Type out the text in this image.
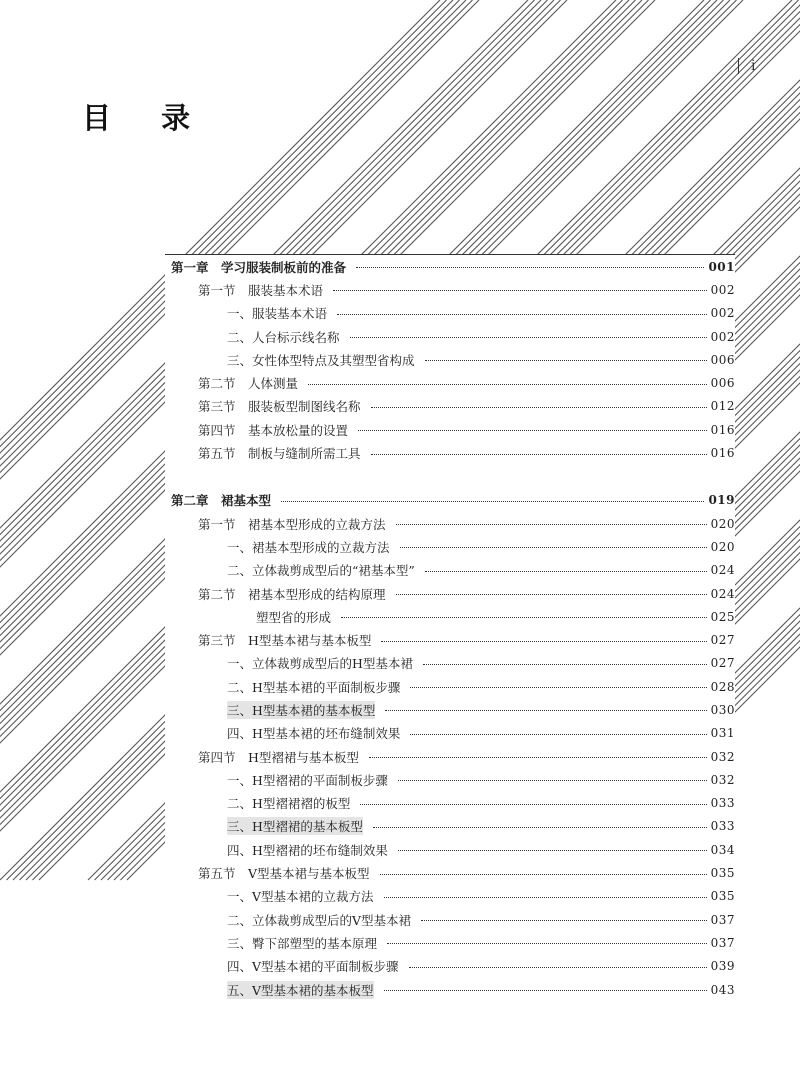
目 录
i
第一章　学习服装制板前的准备	001
第一节　服装基本术语	002
一、服装基本术语	002
二、人台标示线名称	002
三、女性体型特点及其塑型省构成	006
第二节　人体测量	006
第三节　服装板型制图线名称	012
第四节　基本放松量的设置	016
第五节　制板与缝制所需工具	016
第二章　裙基本型	019
第一节　裙基本型形成的立裁方法	020
一、裙基本型形成的立裁方法	020
二、立体裁剪成型后的“裙基本型”	024
第二节　裙基本型形成的结构原理	024
塑型省的形成	025
第三节　H型基本裙与基本板型	027
一、立体裁剪成型后的H型基本裙	027
二、H型基本裙的平面制板步骤	028
三、H型基本裙的基本板型	030
四、H型基本裙的坯布缝制效果	031
第四节　H型褶裙与基本板型	032
一、H型褶裙的平面制板步骤	032
二、H型褶裙褶的板型	033
三、H型褶裙的基本板型	033
四、H型褶裙的坯布缝制效果	034
第五节　V型基本裙与基本板型	035
一、V型基本裙的立裁方法	035
二、立体裁剪成型后的V型基本裙	037
三、臀下部塑型的基本原理	037
四、V型基本裙的平面制板步骤	039
五、V型基本裙的基本板型	043
